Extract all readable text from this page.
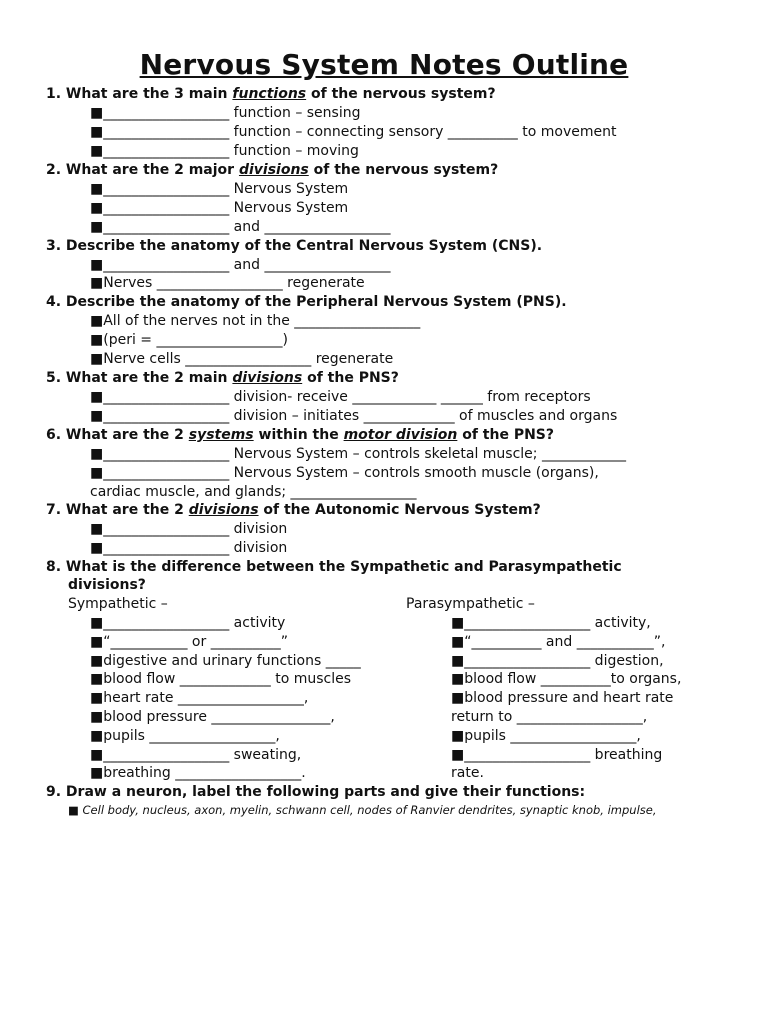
Nervous System Notes Outline
1. What are the 3 main functions of the nervous system?
■__________________ function – sensing
■__________________ function – connecting sensory __________ to movement
■__________________ function – moving
2. What are the 2 major divisions of the nervous system?
■__________________ Nervous System
■__________________ Nervous System
■__________________ and __________________
3. Describe the anatomy of the Central Nervous System (CNS).
■__________________ and __________________
■Nerves __________________ regenerate
4. Describe the anatomy of the Peripheral Nervous System (PNS).
■All of the nerves not in the __________________
■(peri = __________________)
■Nerve cells __________________ regenerate
5. What are the 2 main divisions of the PNS?
■__________________ division- receive ____________ ______ from receptors
■__________________ division – initiates _____________ of muscles and organs
6. What are the 2 systems within the motor division of the PNS?
■__________________ Nervous System – controls skeletal muscle; ____________
■__________________ Nervous System – controls smooth muscle (organs),
cardiac muscle, and glands; __________________
7. What are the 2 divisions of the Autonomic Nervous System?
■__________________ division
■__________________ division
8. What is the difference between the Sympathetic and Parasympathetic
divisions?
Sympathetic –	Parasympathetic –
■__________________ activity
■“___________ or __________”
■digestive and urinary functions _____
■blood flow _____________ to muscles
■heart rate __________________,
■blood pressure _________________,
■pupils __________________,
■__________________ sweating,
■breathing __________________.
■__________________ activity,
■“__________ and ___________”,
■__________________ digestion,
■blood flow __________to organs,
■blood pressure and heart rate
return to __________________,
■pupils __________________,
■__________________ breathing
rate.
9. Draw a neuron, label the following parts and give their functions:
■ Cell body, nucleus, axon, myelin, schwann cell, nodes of Ranvier dendrites, synaptic knob, impulse,
